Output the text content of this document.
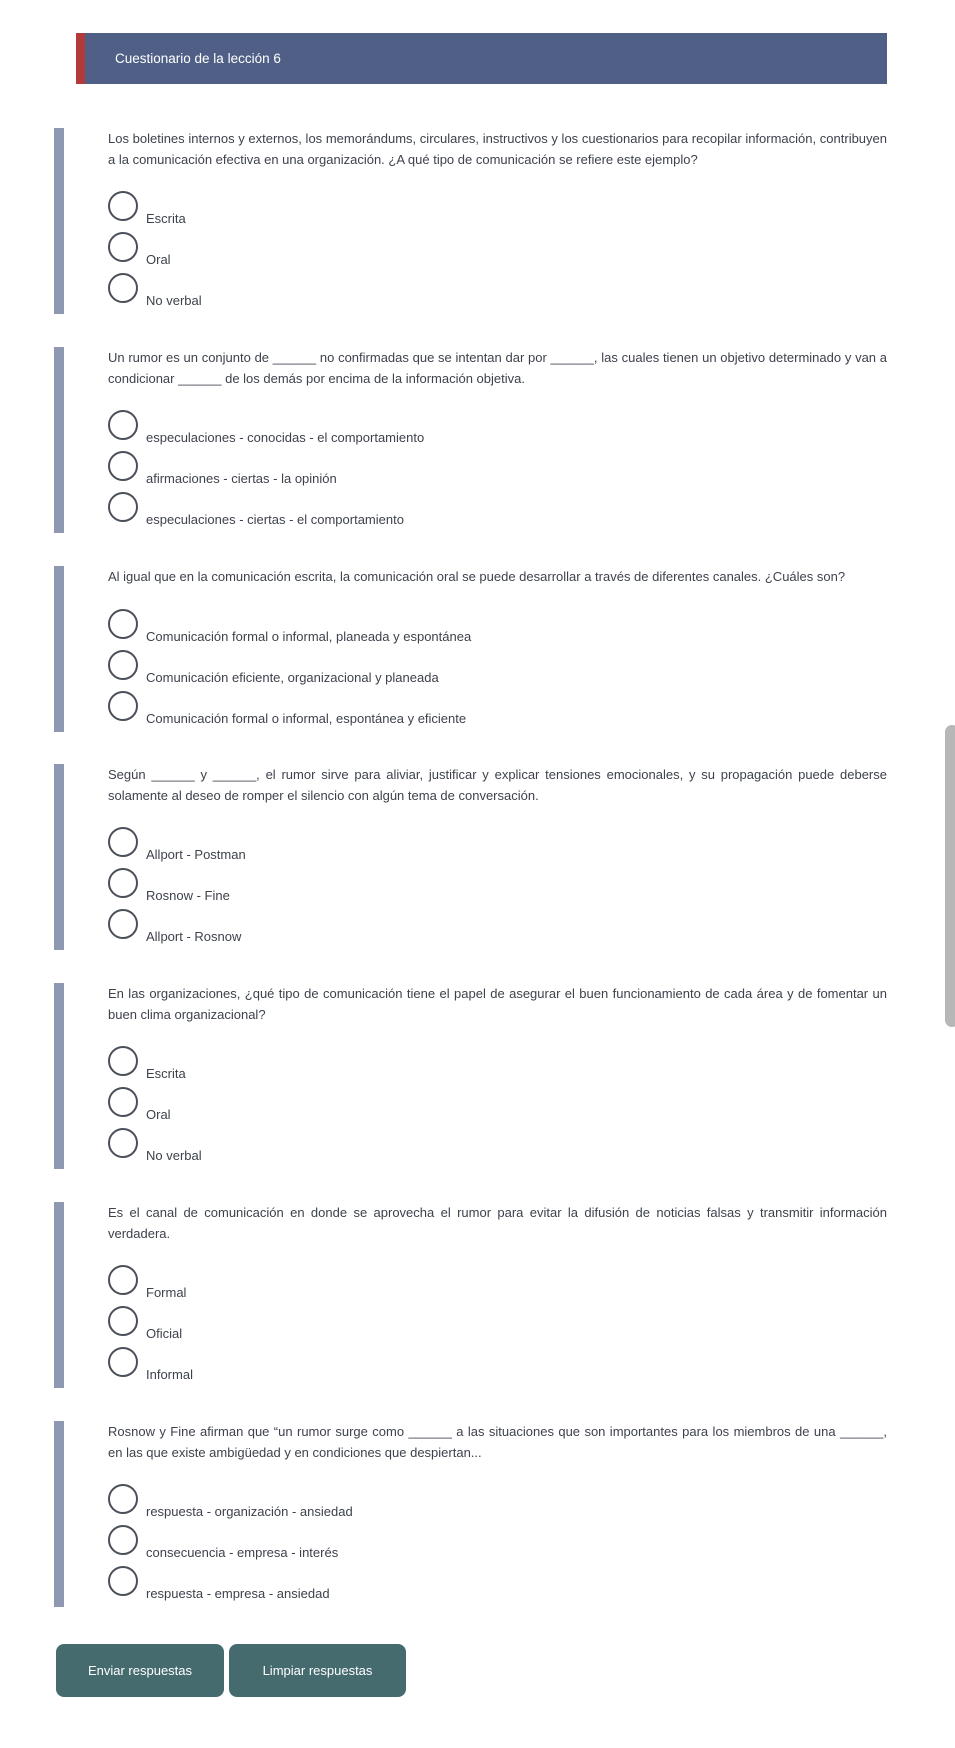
Cuestionario de la lección 6
Los boletines internos y externos, los memorándums, circulares, instructivos y los cuestionarios para recopilar información, contribuyen a la comunicación efectiva en una organización. ¿A qué tipo de comunicación se refiere este ejemplo?
Escrita
Oral
No verbal
Un rumor es un conjunto de ______ no confirmadas que se intentan dar por ______, las cuales tienen un objetivo determinado y van a condicionar ______ de los demás por encima de la información objetiva.
especulaciones - conocidas - el comportamiento
afirmaciones - ciertas - la opinión
especulaciones - ciertas - el comportamiento
Al igual que en la comunicación escrita, la comunicación oral se puede desarrollar a través de diferentes canales. ¿Cuáles son?
Comunicación formal o informal, planeada y espontánea
Comunicación eficiente, organizacional y planeada
Comunicación formal o informal, espontánea y eficiente
Según ______ y ______, el rumor sirve para aliviar, justificar y explicar tensiones emocionales, y su propagación puede deberse solamente al deseo de romper el silencio con algún tema de conversación.
Allport - Postman
Rosnow - Fine
Allport - Rosnow
En las organizaciones, ¿qué tipo de comunicación tiene el papel de asegurar el buen funcionamiento de cada área y de fomentar un buen clima organizacional?
Escrita
Oral
No verbal
Es el canal de comunicación en donde se aprovecha el rumor para evitar la difusión de noticias falsas y transmitir información verdadera.
Formal
Oficial
Informal
Rosnow y Fine afirman que “un rumor surge como ______ a las situaciones que son importantes para los miembros de una ______, en las que existe ambigüedad y en condiciones que despiertan...
respuesta - organización - ansiedad
consecuencia - empresa - interés
respuesta - empresa - ansiedad
Enviar respuestas	Limpiar respuestas
